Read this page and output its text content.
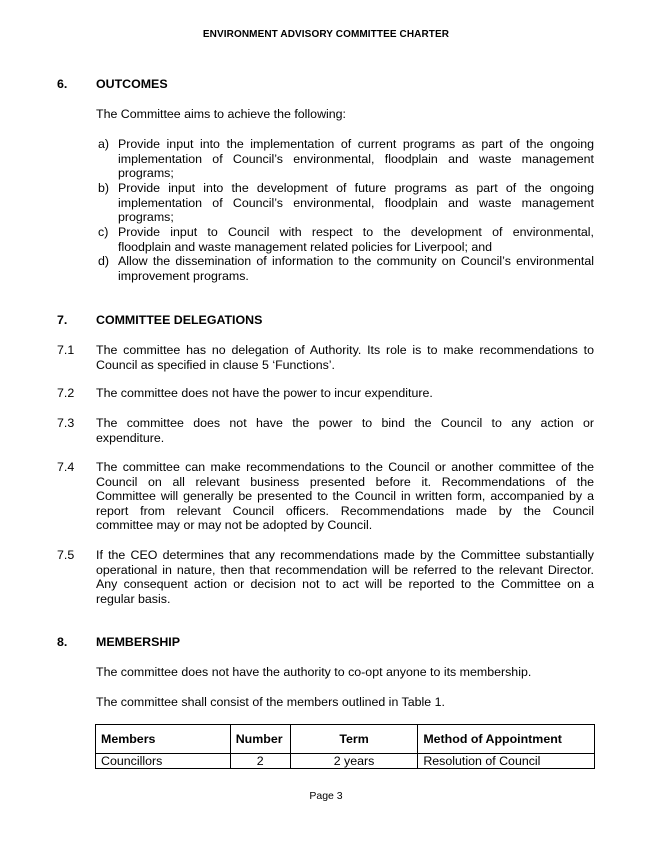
ENVIRONMENT ADVISORY COMMITTEE CHARTER
6. OUTCOMES
The Committee aims to achieve the following:
a) Provide input into the implementation of current programs as part of the ongoing
implementation of Council’s environmental, floodplain and waste management
programs;
b) Provide input into the development of future programs as part of the ongoing
implementation of Council’s environmental, floodplain and waste management
programs;
c) Provide input to Council with respect to the development of environmental,
floodplain and waste management related policies for Liverpool; and
d) Allow the dissemination of information to the community on Council’s environmental
improvement programs.
7. COMMITTEE DELEGATIONS
7.1 The committee has no delegation of Authority. Its role is to make recommendations to
Council as specified in clause 5 ‘Functions’.
7.2 The committee does not have the power to incur expenditure.
7.3 The committee does not have the power to bind the Council to any action or
expenditure.
7.4 The committee can make recommendations to the Council or another committee of the
Council on all relevant business presented before it. Recommendations of the
Committee will generally be presented to the Council in written form, accompanied by a
report from relevant Council officers. Recommendations made by the Council
committee may or may not be adopted by Council.
7.5 If the CEO determines that any recommendations made by the Committee substantially
operational in nature, then that recommendation will be referred to the relevant Director.
Any consequent action or decision not to act will be reported to the Committee on a
regular basis.
8. MEMBERSHIP
The committee does not have the authority to co-opt anyone to its membership.
The committee shall consist of the members outlined in Table 1.
Members	Number	Term	Method of Appointment
Councillors	2	2 years	Resolution of Council
Page 3
